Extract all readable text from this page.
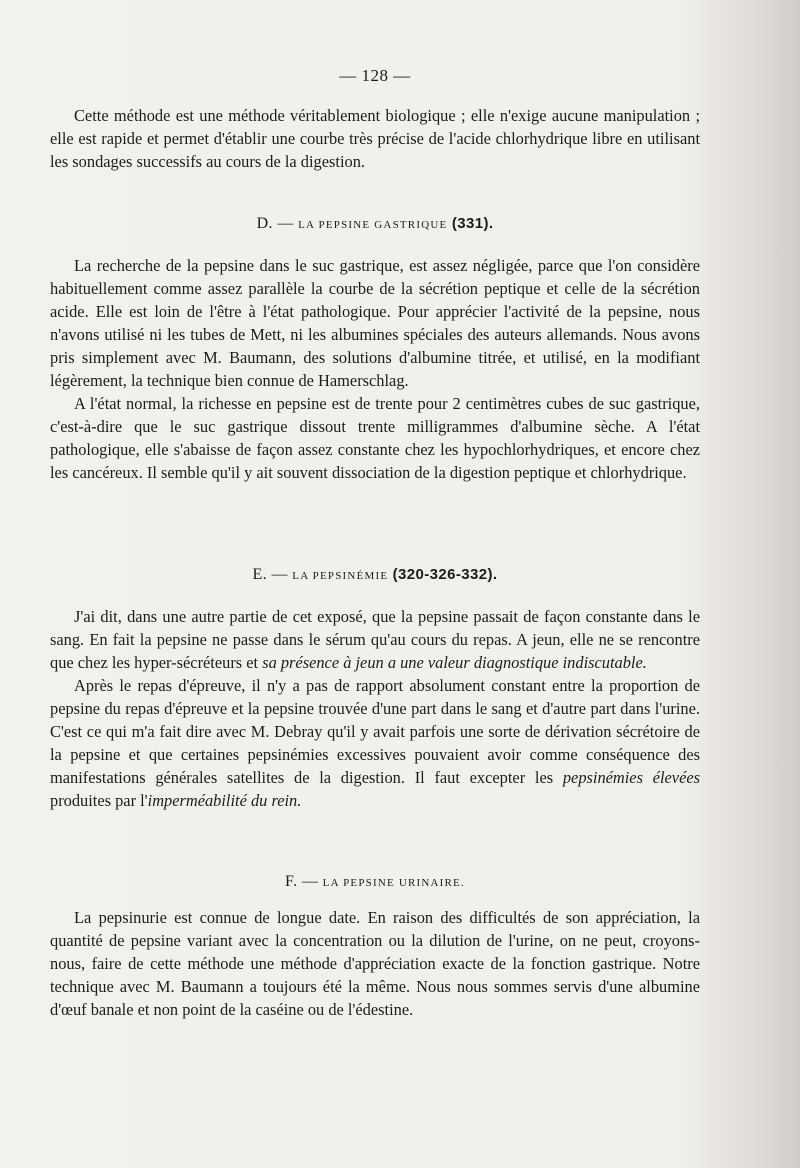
— 128 —

Cette méthode est une méthode véritablement biologique ; elle n'exige aucune manipulation ; elle est rapide et permet d'établir une courbe très précise de l'acide chlorhydrique libre en utilisant les sondages successifs au cours de la digestion.

D. — LA PEPSINE GASTRIQUE (331).

La recherche de la pepsine dans le suc gastrique, est assez négligée, parce que l'on considère habituellement comme assez parallèle la courbe de la sécrétion peptique et celle de la sécrétion acide. Elle est loin de l'être à l'état pathologique. Pour apprécier l'activité de la pepsine, nous n'avons utilisé ni les tubes de Mett, ni les albumines spéciales des auteurs allemands. Nous avons pris simplement avec M. Baumann, des solutions d'albumine titrée, et utilisé, en la modifiant légèrement, la technique bien connue de Hamerschlag.

A l'état normal, la richesse en pepsine est de trente pour 2 centimètres cubes de suc gastrique, c'est-à-dire que le suc gastrique dissout trente milligrammes d'albumine sèche. A l'état pathologique, elle s'abaisse de façon assez constante chez les hypochlorhydriques, et encore chez les cancéreux. Il semble qu'il y ait souvent dissociation de la digestion peptique et chlorhydrique.

E. — LA PEPSINÉMIE (320-326-332).

J'ai dit, dans une autre partie de cet exposé, que la pepsine passait de façon constante dans le sang. En fait la pepsine ne passe dans le sérum qu'au cours du repas. A jeun, elle ne se rencontre que chez les hyper-sécréteurs et sa présence à jeun a une valeur diagnostique indiscutable.

Après le repas d'épreuve, il n'y a pas de rapport absolument constant entre la proportion de pepsine du repas d'épreuve et la pepsine trouvée d'une part dans le sang et d'autre part dans l'urine. C'est ce qui m'a fait dire avec M. Debray qu'il y avait parfois une sorte de dérivation sécrétoire de la pepsine et que certaines pepsinémies excessives pouvaient avoir comme conséquence des manifestations générales satellites de la digestion. Il faut excepter les pepsinémies élevées produites par l'imperméabilité du rein.

F. — LA PEPSINE URINAIRE.

La pepsinurie est connue de longue date. En raison des difficultés de son appréciation, la quantité de pepsine variant avec la concentration ou la dilution de l'urine, on ne peut, croyons-nous, faire de cette méthode une méthode d'appréciation exacte de la fonction gastrique. Notre technique avec M. Baumann a toujours été la même. Nous nous sommes servis d'une albumine d'œuf banale et non point de la caséine ou de l'édestine.
